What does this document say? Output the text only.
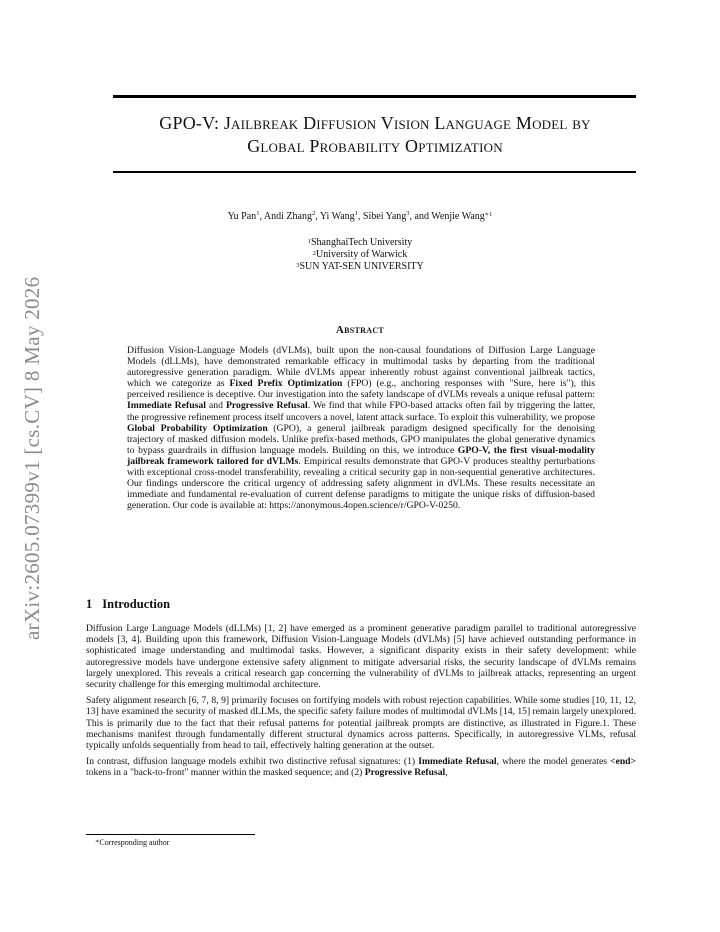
arXiv:2605.07399v1 [cs.CV] 8 May 2026
GPO-V: Jailbreak Diffusion Vision Language Model by
Global Probability Optimization
Yu Pan$^1$, Andi Zhang$^2$, Yi Wang$^1$, Sibei Yang$^3$, and Wenjie Wang$^{∗1}$
$^1$ShanghaiTech University
$^2$University of Warwick
$^3$SUN YAT-SEN UNIVERSITY
Abstract

Diffusion Vision-Language Models (dVLMs), built upon the non-causal foundations of Diffusion Large Language Models (dLLMs), have demonstrated remarkable efficacy in multimodal tasks by departing from the traditional autoregressive generation paradigm. While dVLMs appear inherently robust against conventional jailbreak tactics, which we categorize as Fixed Prefix Optimization (FPO) (e.g., anchoring responses with "Sure, here is"), this perceived resilience is deceptive. Our investigation into the safety landscape of dVLMs reveals a unique refusal pattern: Immediate Refusal and Progressive Refusal. We find that while FPO-based attacks often fail by triggering the latter, the progressive refinement process itself uncovers a novel, latent attack surface. To exploit this vulnerability, we propose Global Probability Optimization (GPO), a general jailbreak paradigm designed specifically for the denoising trajectory of masked diffusion models. Unlike prefix-based methods, GPO manipulates the global generative dynamics to bypass guardrails in diffusion language models. Building on this, we introduce GPO-V, the first visual-modality jailbreak framework tailored for dVLMs. Empirical results demonstrate that GPO-V produces stealthy perturbations with exceptional cross-model transferability, revealing a critical security gap in non-sequential generative architectures. Our findings underscore the critical urgency of addressing safety alignment in dVLMs. These results necessitate an immediate and fundamental re-evaluation of current defense paradigms to mitigate the unique risks of diffusion-based generation. Our code is available at: https://anonymous.4open.science/r/GPO-V-0250.

1 Introduction

Diffusion Large Language Models (dLLMs) [1, 2] have emerged as a prominent generative paradigm parallel to traditional autoregressive models [3, 4]. Building upon this framework, Diffusion Vision-Language Models (dVLMs) [5] have achieved outstanding performance in sophisticated image understanding and multimodal tasks. However, a significant disparity exists in their safety development: while autoregressive models have undergone extensive safety alignment to mitigate adversarial risks, the security landscape of dVLMs remains largely unexplored. This reveals a critical research gap concerning the vulnerability of dVLMs to jailbreak attacks, representing an urgent security challenge for this emerging multimodal architecture.

Safety alignment research [6, 7, 8, 9] primarily focuses on fortifying models with robust rejection capabilities. While some studies [10, 11, 12, 13] have examined the security of masked dLLMs, the specific safety failure modes of multimodal dVLMs [14, 15] remain largely unexplored. This is primarily due to the fact that their refusal patterns for potential jailbreak prompts are distinctive, as illustrated in Figure.1. These mechanisms manifest through fundamentally different structural dynamics across patterns. Specifically, in autoregressive VLMs, refusal typically unfolds sequentially from head to tail, effectively halting generation at the outset.

In contrast, diffusion language models exhibit two distinctive refusal signatures: (1) Immediate Refusal, where the model generates <end> tokens in a "back-to-front" manner within the masked sequence; and (2) Progressive Refusal,

∗Corresponding author
